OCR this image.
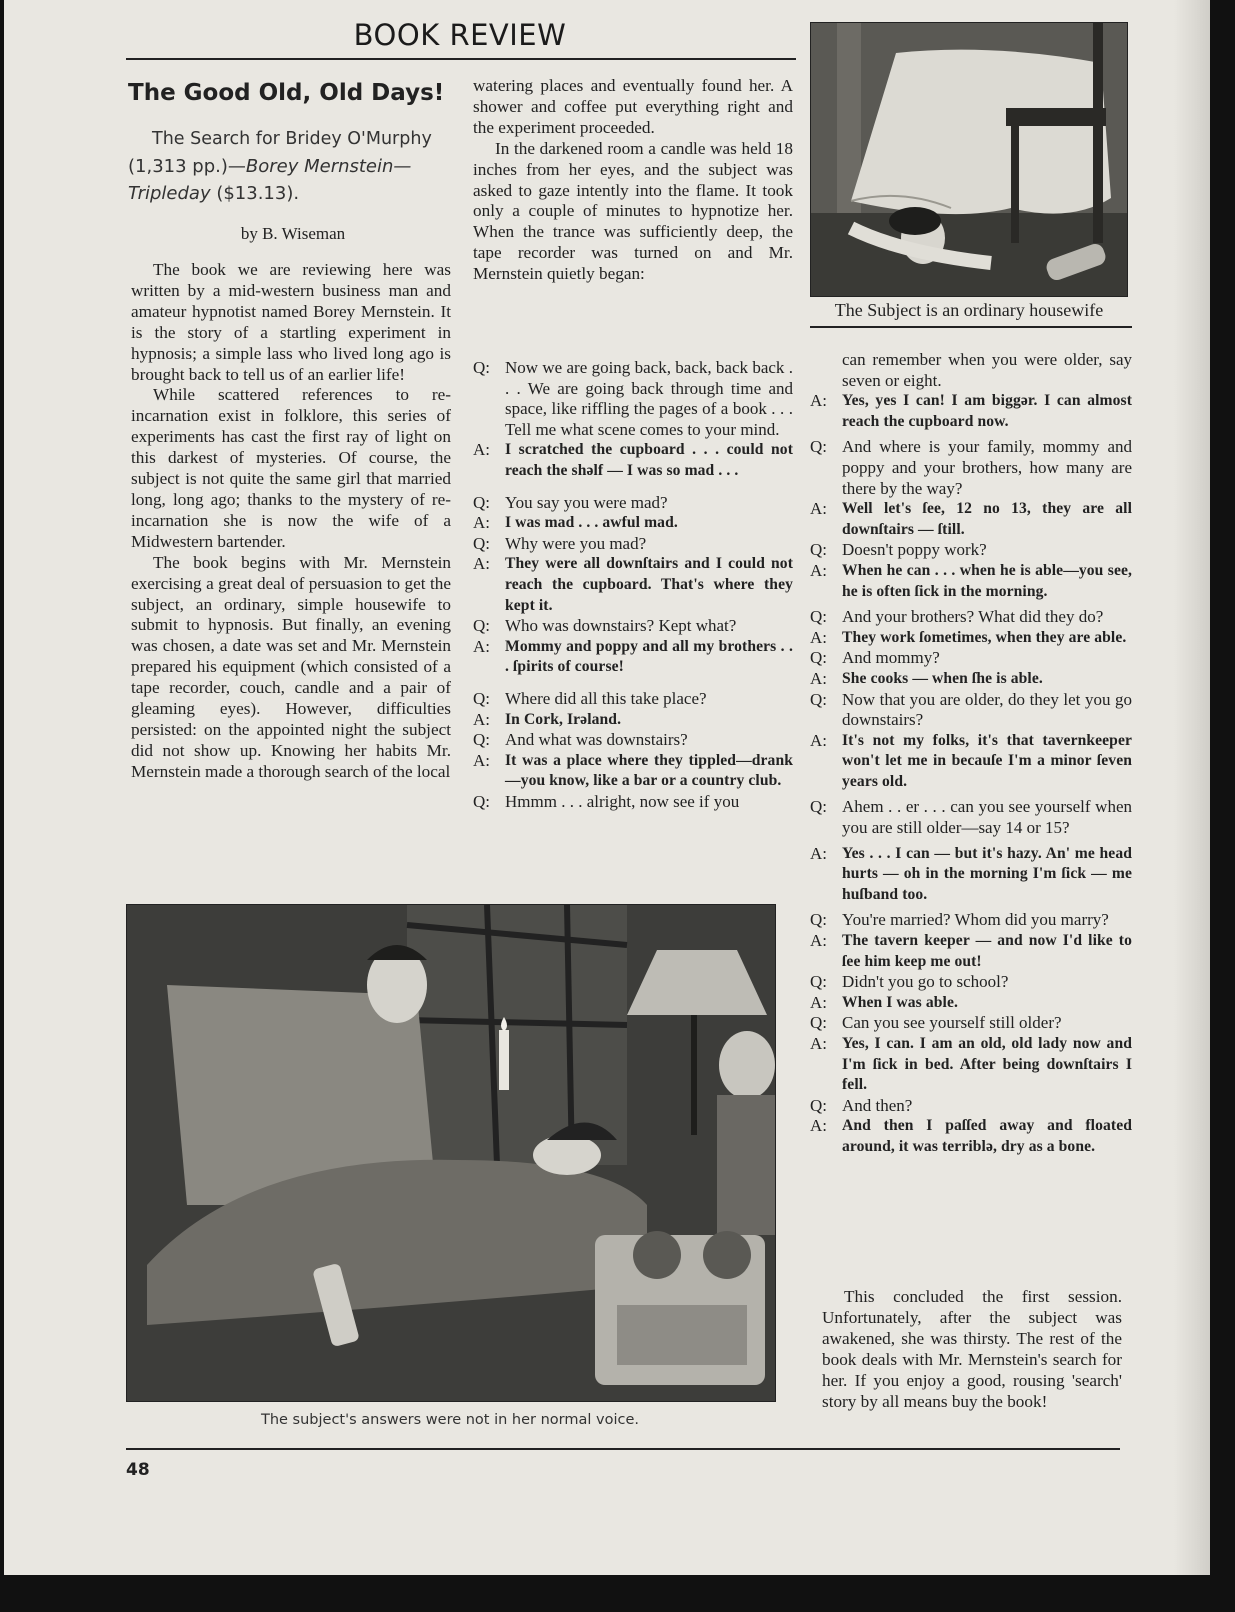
BOOK REVIEW
The Good Old, Old Days!
The Search for Bridey O'Murphy
(1,313 pp.)—Borey Mernstein—
Tripleday ($13.13).
by B. Wiseman

The book we are reviewing here was written by a mid-western business man and amateur hypnotist named Borey Mernstein. It is the story of a startling experiment in hypnosis; a simple lass who lived long ago is brought back to tell us of an earlier life!

While scattered references to re-incarnation exist in folklore, this series of experiments has cast the first ray of light on this darkest of mysteries. Of course, the subject is not quite the same girl that married long, long ago; thanks to the mystery of re-incarnation she is now the wife of a Midwestern bartender.

The book begins with Mr. Mernstein exercising a great deal of persuasion to get the subject, an ordinary, simple housewife to submit to hypnosis. But finally, an evening was chosen, a date was set and Mr. Mernstein prepared his equipment (which consisted of a tape recorder, couch, candle and a pair of gleaming eyes). However, difficulties persisted: on the appointed night the subject did not show up. Knowing her habits Mr. Mernstein made a thorough search of the local

watering places and eventually found her. A shower and coffee put everything right and the experiment proceeded.

In the darkened room a candle was held 18 inches from her eyes, and the subject was asked to gaze intently into the flame. It took only a couple of minutes to hypnotize her. When the trance was sufficiently deep, the tape recorder was turned on and Mr. Mernstein quietly began:

Q: Now we are going back, back, back back . . . We are going back through time and space, like riffling the pages of a book . . . Tell me what scene comes to your mind.
A: I scratched the cupboard . . . could not reach the shəlf — I was so mad . . .
Q: You say you were mad?
A: I was mad . . . awful mad.
Q: Why were you mad?
A: They were all downſtairs and I could not reach the cupboard. That's where they kept it.
Q: Who was downstairs? Kept what?
A: Mommy and poppy and all my brothers . . . ſpirits of course!
Q: Where did all this take place?
A: In Cork, Irəland.
Q: And what was downstairs?
A: It was a place where they tippled—drank—you know, like a bar or a country club.
Q: Hmmm . . . alright, now see if you
can remember when you were older, say seven or eight.
A: Yes, yes I can! I am biggər. I can almost reach the cupboard now.
Q: And where is your family, mommy and poppy and your brothers, how many are there by the way?
A: Well let's ſee, 12 no 13, they are all downſtairs — ſtill.
Q: Doesn't poppy work?
A: When he can . . . when he is able—you see, he is often ſick in the morning.
Q: And your brothers? What did they do?
A: They work ſometimes, when they are able.
Q: And mommy?
A: She cooks — when ſhe is able.
Q: Now that you are older, do they let you go downstairs?
A: It's not my folks, it's that tavernkeeper won't let me in becauſe I'm a minor ſeven years old.
Q: Ahem . . er . . . can you see yourself when you are still older—say 14 or 15?
A: Yes . . . I can — but it's hazy. An' me head hurts — oh in the morning I'm ſick — me huſband too.
Q: You're married? Whom did you marry?
A: The tavern keeper — and now I'd like to ſee him keep me out!
Q: Didn't you go to school?
A: When I was able.
Q: Can you see yourself still older?
A: Yes, I can. I am an old, old lady now and I'm ſick in bed. After being downſtairs I fell.
Q: And then?
A: And then I paſſed away and floated around, it was terriblə, dry as a bone.

This concluded the first session. Unfortunately, after the subject was awakened, she was thirsty. The rest of the book deals with Mr. Mernstein's search for her. If you enjoy a good, rousing 'search' story by all means buy the book!

The Subject is an ordinary housewife
The subject's answers were not in her normal voice.
48
